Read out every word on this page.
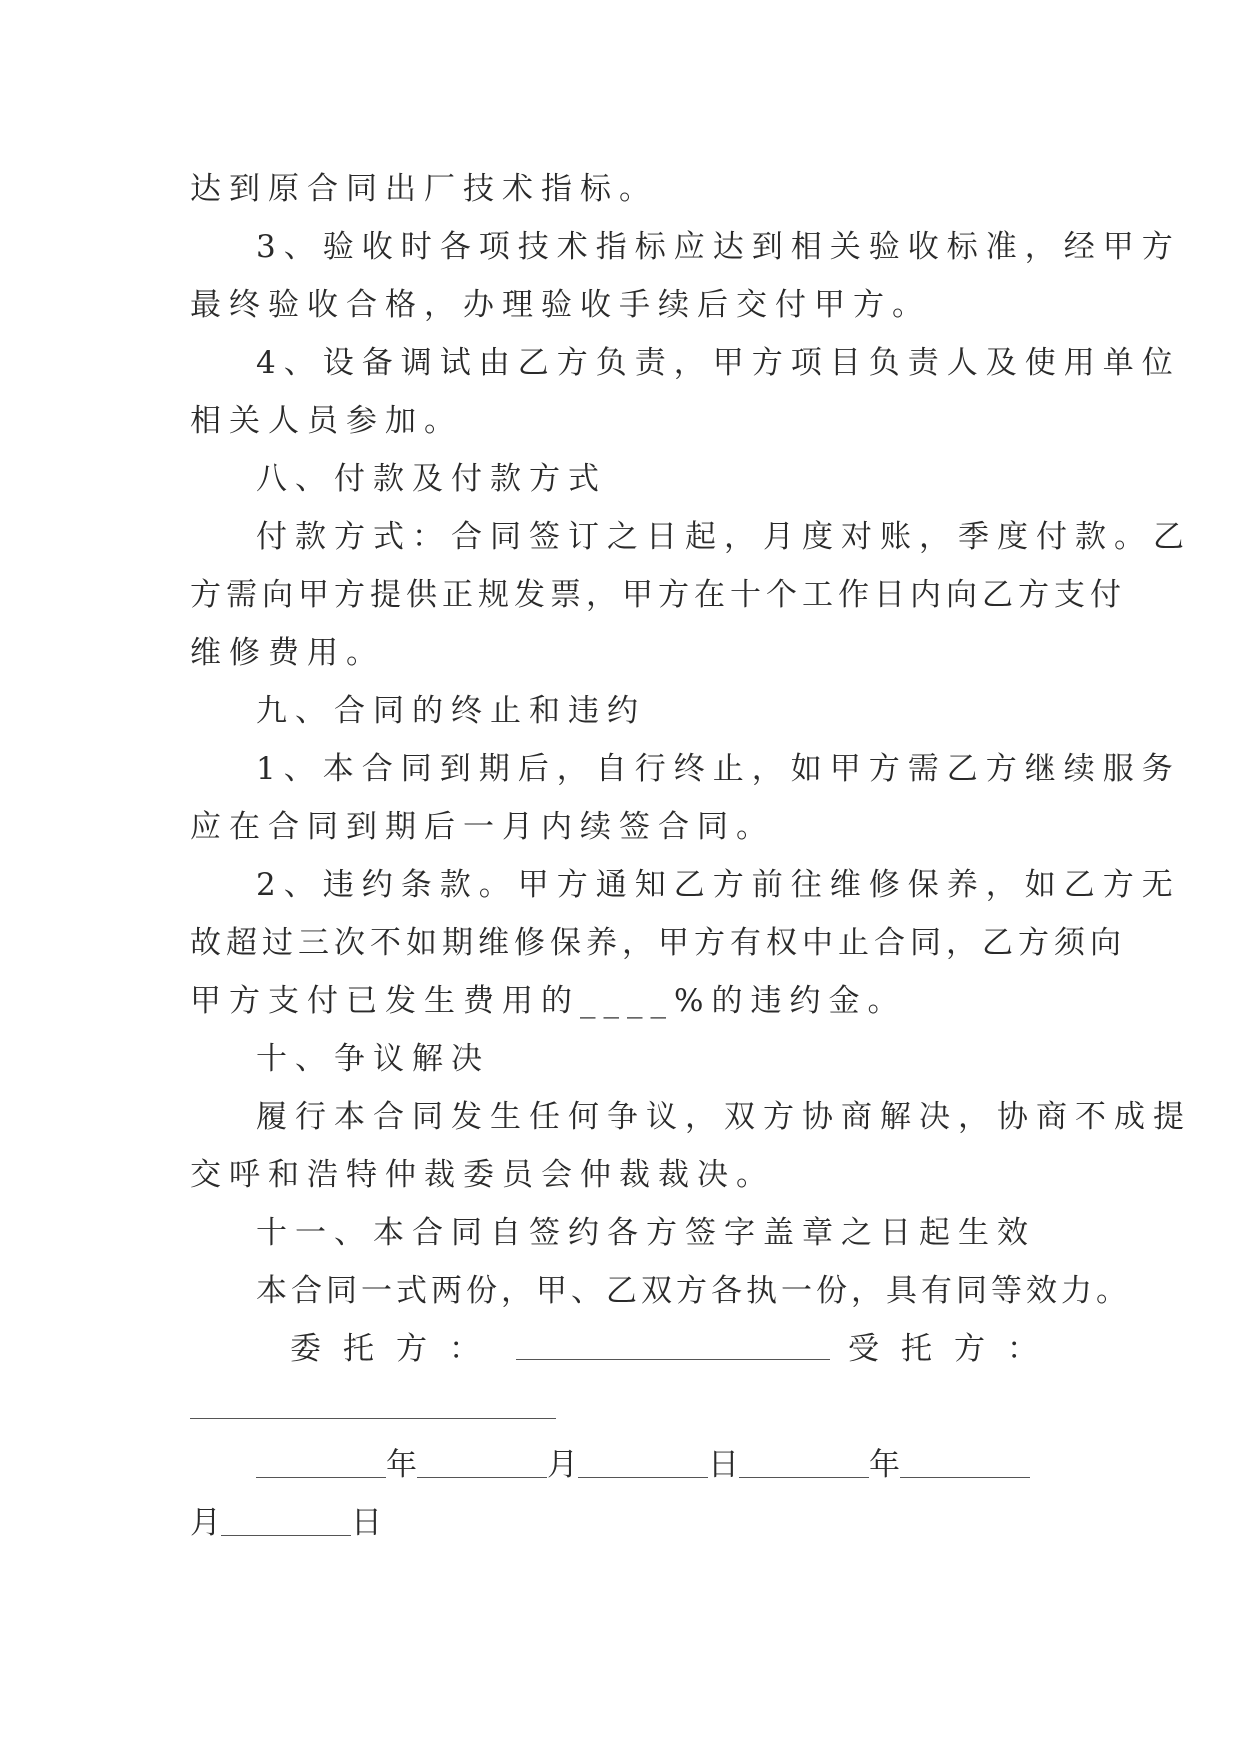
达到原合同出厂技术指标。
3、验收时各项技术指标应达到相关验收标准，经甲方
最终验收合格，办理验收手续后交付甲方。
4、设备调试由乙方负责，甲方项目负责人及使用单位
相关人员参加。
八、付款及付款方式
付款方式：合同签订之日起，月度对账，季度付款。乙
方需向甲方提供正规发票，甲方在十个工作日内向乙方支付
维修费用。
九、合同的终止和违约
1、本合同到期后，自行终止，如甲方需乙方继续服务
应在合同到期后一月内续签合同。
2、违约条款。甲方通知乙方前往维修保养，如乙方无
故超过三次不如期维修保养，甲方有权中止合同，乙方须向
甲方支付已发生费用的____%的违约金。
十、争议解决
履行本合同发生任何争议，双方协商解决，协商不成提
交呼和浩特仲裁委员会仲裁裁决。
十一、本合同自签约各方签字盖章之日起生效
本合同一式两份，甲、乙双方各执一份，具有同等效力。
委托方：	受托方：
年	月	日	年
月	日
